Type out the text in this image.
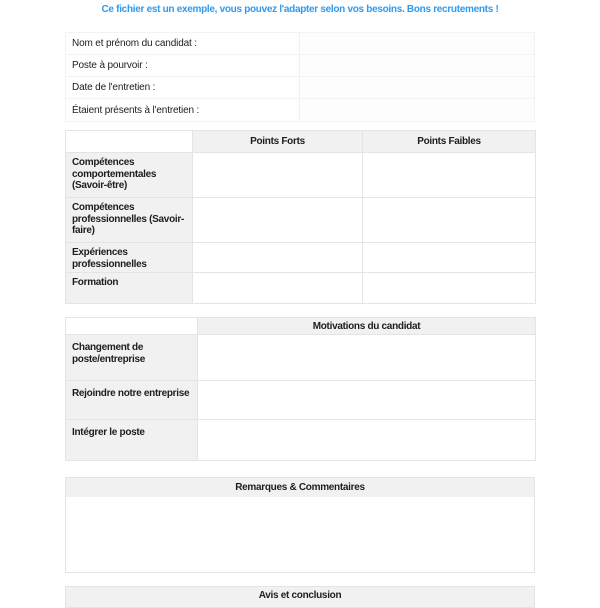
Ce fichier est un exemple, vous pouvez l'adapter selon vos besoins. Bons recrutements !
Nom et prénom du candidat :
Poste à pourvoir :
Date de l'entretien :
Étaient présents à l'entretien :
Points Forts	Points Faibles
Compétences comportementales (Savoir-être)
Compétences professionnelles (Savoir-faire)
Expériences professionnelles
Formation
Motivations du candidat
Changement de poste/entreprise
Rejoindre notre entreprise
Intégrer le poste
Remarques & Commentaires
Avis et conclusion
